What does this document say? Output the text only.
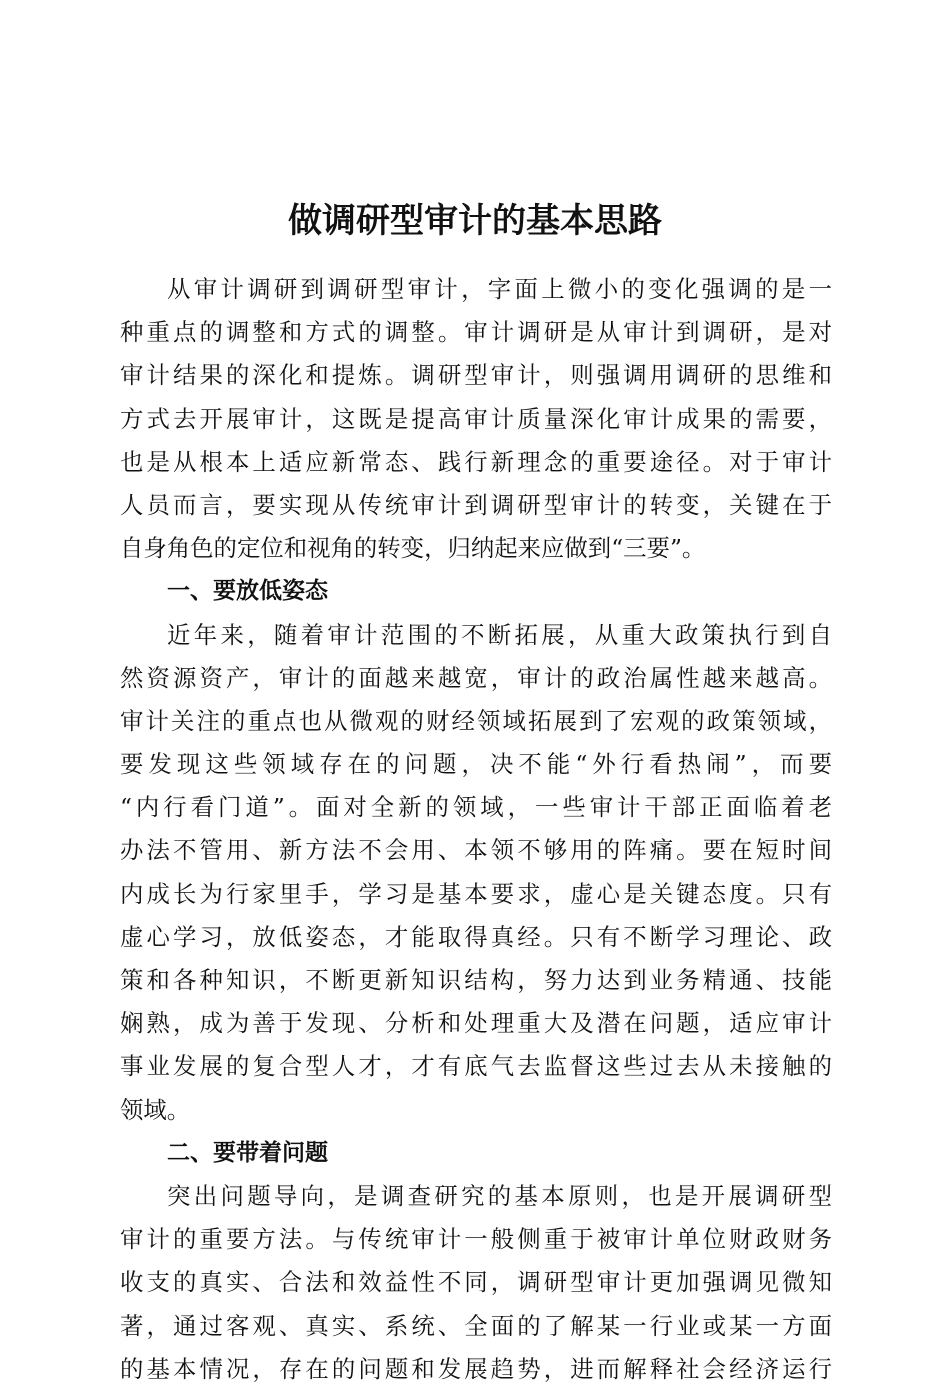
做调研型审计的基本思路
从审计调研到调研型审计，字面上微小的变化强调的是一
种重点的调整和方式的调整。审计调研是从审计到调研，是对
审计结果的深化和提炼。调研型审计，则强调用调研的思维和
方式去开展审计，这既是提高审计质量深化审计成果的需要，
也是从根本上适应新常态、践行新理念的重要途径。对于审计
人员而言，要实现从传统审计到调研型审计的转变，关键在于
自身角色的定位和视角的转变，归纳起来应做到“三要”。
一、要放低姿态
近年来，随着审计范围的不断拓展，从重大政策执行到自
然资源资产，审计的面越来越宽，审计的政治属性越来越高。
审计关注的重点也从微观的财经领域拓展到了宏观的政策领域，
要发现这些领域存在的问题，决不能“外行看热闹”，而要
“内行看门道”。面对全新的领域，一些审计干部正面临着老
办法不管用、新方法不会用、本领不够用的阵痛。要在短时间
内成长为行家里手，学习是基本要求，虚心是关键态度。只有
虚心学习，放低姿态，才能取得真经。只有不断学习理论、政
策和各种知识，不断更新知识结构，努力达到业务精通、技能
娴熟，成为善于发现、分析和处理重大及潜在问题，适应审计
事业发展的复合型人才，才有底气去监督这些过去从未接触的
领域。
二、要带着问题
突出问题导向，是调查研究的基本原则，也是开展调研型
审计的重要方法。与传统审计一般侧重于被审计单位财政财务
收支的真实、合法和效益性不同，调研型审计更加强调见微知
著，通过客观、真实、系统、全面的了解某一行业或某一方面
的基本情况，存在的问题和发展趋势，进而解释社会经济运行
